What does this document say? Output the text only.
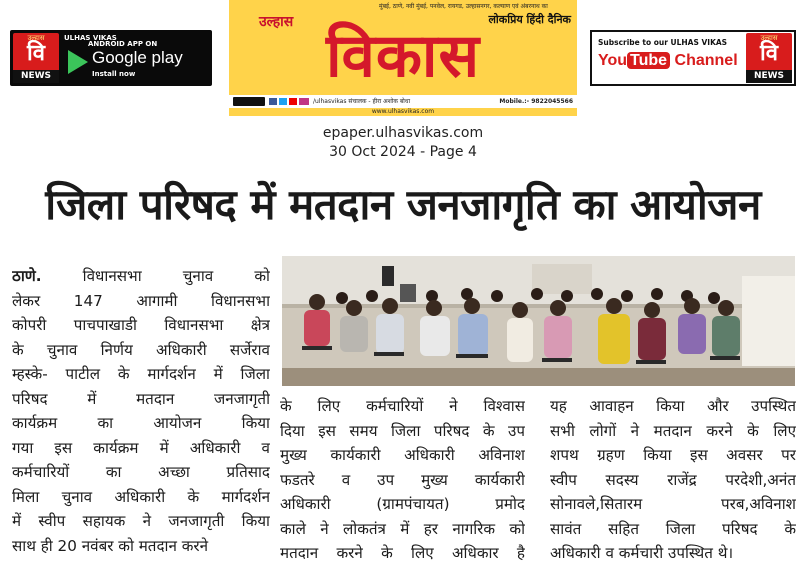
उल्हास
वि
NEWS
ULHAS VIKAS
ANDROID APP ON
Google play
Install now
मुंबई, ठाणे, नवी मुंबई, पनवेल, रायगड, उल्हासनगर, कल्याण एवं अंबरनाथ का
लोकप्रिय हिंदी दैनिक
उल्हास विकास
/ulhasvikas संचालक - हीरा अशोक बोधा	Mobile.:- 9822045566
www.ulhasvikas.com
Subscribe to our ULHAS VIKAS
You Tube Channel
उल्हास
वि
NEWS
epaper.ulhasvikas.com
30 Oct 2024 - Page 4
जिला परिषद में मतदान जनजागृति का आयोजन
ठाणे. विधानसभा चुनाव को
लेकर 147 आगामी विधानसभा
कोपरी पाचपाखाडी विधानसभा क्षेत्र
के चुनाव निर्णय अधिकारी सर्जेराव
म्हस्के- पाटील के मार्गदर्शन में जिला
परिषद में मतदान जनजागृती
कार्यक्रम का आयोजन किया
गया इस कार्यक्रम में अधिकारी व
कर्मचारियों का अच्छा प्रतिसाद
मिला चुनाव अधिकारी के मार्गदर्शन
में स्वीप सहायक ने जनजागृती किया
साथ ही 20 नवंबर को मतदान करने
के लिए कर्मचारियों ने विश्वास
दिया इस समय जिला परिषद के उप
मुख्य कार्यकारी अधिकारी अविनाश
फडतरे व उप मुख्य कार्यकारी
अधिकारी (ग्रामपंचायत) प्रमोद
काले ने लोकतंत्र में हर नागरिक को
मतदान करने के लिए अधिकार है
यह आवाहन किया और उपस्थित
सभी लोगों ने मतदान करने के लिए
शपथ ग्रहण किया इस अवसर पर
स्वीप सदस्य राजेंद्र परदेशी,अनंत
सोनावले,सितारम परब,अविनाश
सावंत सहित जिला परिषद के
अधिकारी व कर्मचारी उपस्थित थे।
